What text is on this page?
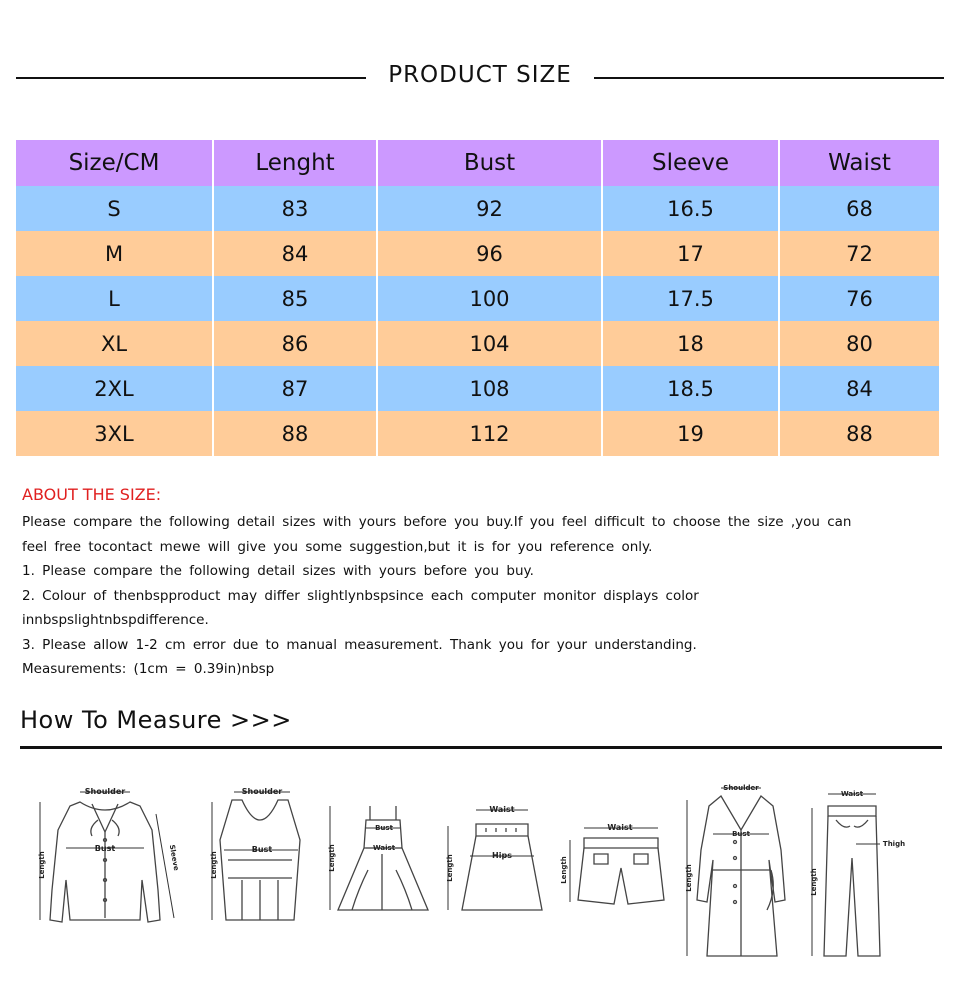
PRODUCT SIZE
Size/CM	Lenght	Bust	Sleeve	Waist
S	83	92	16.5	68
M	84	96	17	72
L	85	100	17.5	76
XL	86	104	18	80
2XL	87	108	18.5	84
3XL	88	112	19	88
ABOUT THE SIZE:

Please compare the following detail sizes with yours before you buy.If you feel difficult to choose the size ,you can

feel free tocontact mewe will give you some suggestion,but it is for you reference only.

1. Please compare the following detail sizes with yours before you buy.

2. Colour of thenbspproduct may differ slightlynbspsince each computer monitor displays color

innbspslightnbspdifference.

3. Please allow 1-2 cm error due to manual measurement. Thank you for your understanding.

Measurements: (1cm = 0.39in)nbsp

How To Measure >>>
Shoulder
Bust
Length	Sleeve
Shoulder
Bust
Length
Bust
Waist
Length
Waist
Hips
Length
Waist
Length
Shoulder
Bust
Length
Waist
Thigh
Length
